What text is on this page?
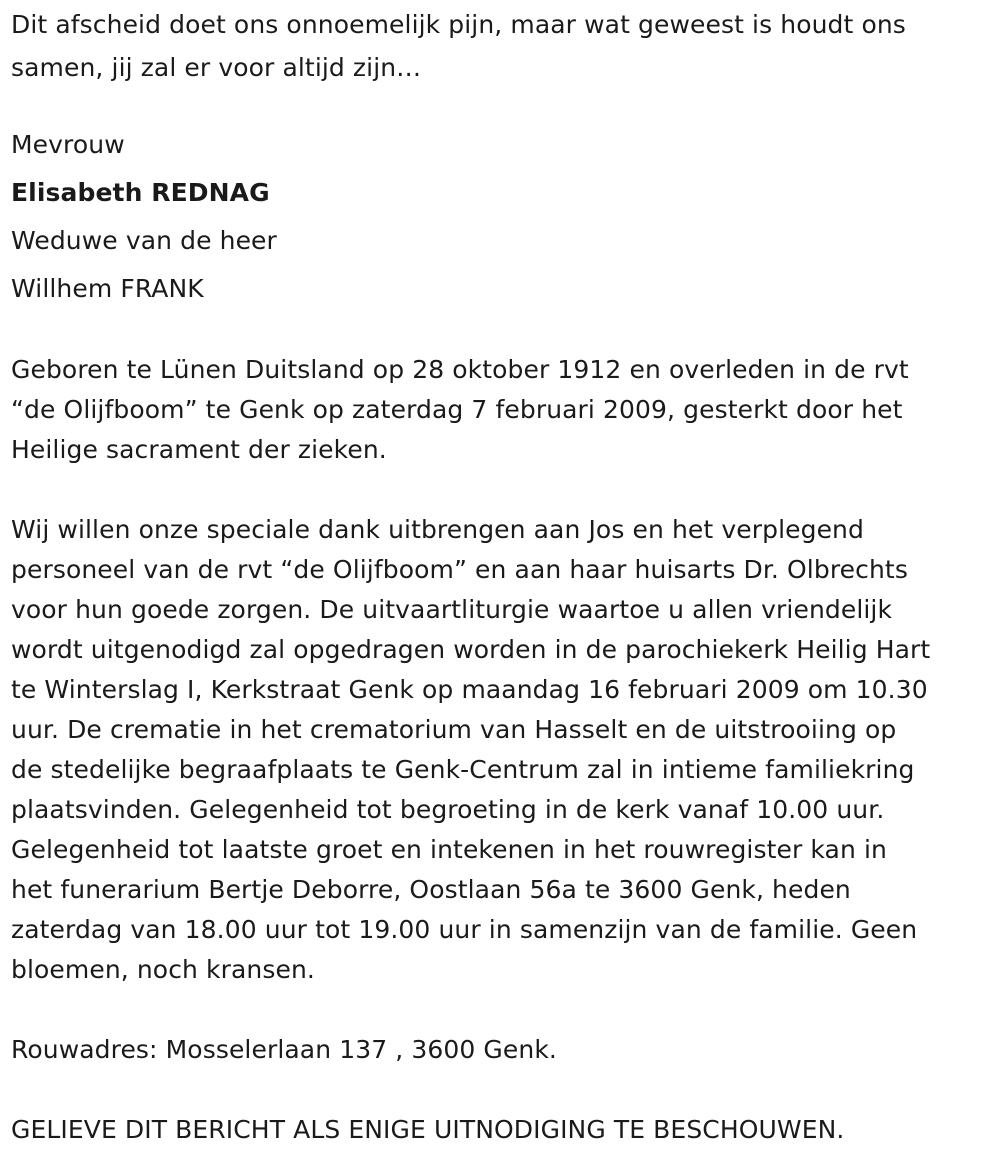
Dit afscheid doet ons onnoemelijk pijn, maar wat geweest is houdt ons
samen, jij zal er voor altijd zijn…
Mevrouw
Elisabeth REDNAG
Weduwe van de heer
Willhem FRANK
Geboren te Lünen Duitsland op 28 oktober 1912 en overleden in de rvt
“de Olijfboom” te Genk op zaterdag 7 februari 2009, gesterkt door het
Heilige sacrament der zieken.
Wij willen onze speciale dank uitbrengen aan Jos en het verplegend
personeel van de rvt “de Olijfboom” en aan haar huisarts Dr. Olbrechts
voor hun goede zorgen. De uitvaartliturgie waartoe u allen vriendelijk
wordt uitgenodigd zal opgedragen worden in de parochiekerk Heilig Hart
te Winterslag I, Kerkstraat Genk op maandag 16 februari 2009 om 10.30
uur. De crematie in het crematorium van Hasselt en de uitstrooiing op
de stedelijke begraafplaats te Genk-Centrum zal in intieme familiekring
plaatsvinden. Gelegenheid tot begroeting in de kerk vanaf 10.00 uur.
Gelegenheid tot laatste groet en intekenen in het rouwregister kan in
het funerarium Bertje Deborre, Oostlaan 56a te 3600 Genk, heden
zaterdag van 18.00 uur tot 19.00 uur in samenzijn van de familie. Geen
bloemen, noch kransen.
Rouwadres: Mosselerlaan 137 , 3600 Genk.
GELIEVE DIT BERICHT ALS ENIGE UITNODIGING TE BESCHOUWEN.
